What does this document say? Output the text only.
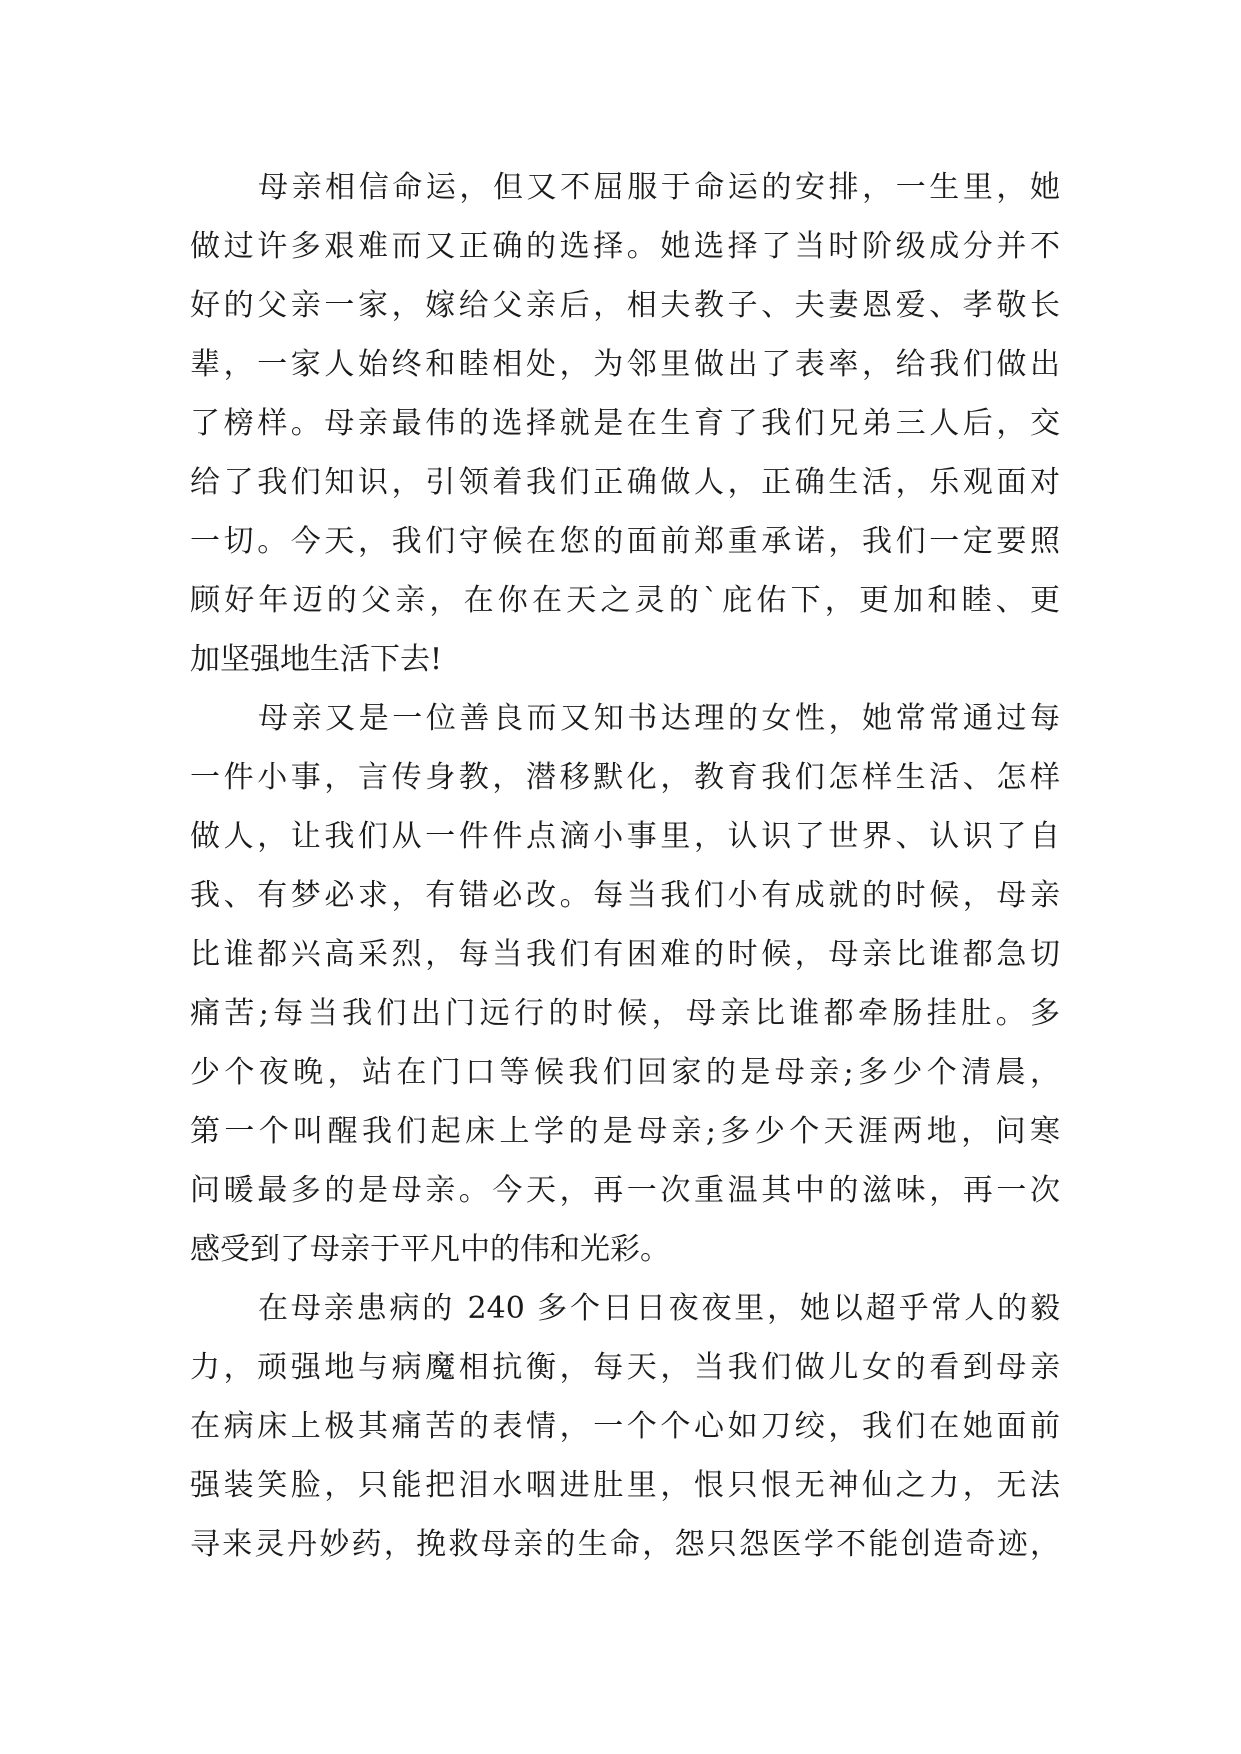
母亲相信命运，但又不屈服于命运的安排，一生里，她
做过许多艰难而又正确的选择。她选择了当时阶级成分并不
好的父亲一家，嫁给父亲后，相夫教子、夫妻恩爱、孝敬长
辈，一家人始终和睦相处，为邻里做出了表率，给我们做出
了榜样。母亲最伟的选择就是在生育了我们兄弟三人后，交
给了我们知识，引领着我们正确做人，正确生活，乐观面对
一切。今天，我们守候在您的面前郑重承诺，我们一定要照
顾好年迈的父亲，在你在天之灵的`庇佑下，更加和睦、更
加坚强地生活下去!
母亲又是一位善良而又知书达理的女性，她常常通过每
一件小事，言传身教，潜移默化，教育我们怎样生活、怎样
做人，让我们从一件件点滴小事里，认识了世界、认识了自
我、有梦必求，有错必改。每当我们小有成就的时候，母亲
比谁都兴高采烈，每当我们有困难的时候，母亲比谁都急切
痛苦;每当我们出门远行的时候，母亲比谁都牵肠挂肚。多
少个夜晚，站在门口等候我们回家的是母亲;多少个清晨，
第一个叫醒我们起床上学的是母亲;多少个天涯两地，问寒
问暖最多的是母亲。今天，再一次重温其中的滋味，再一次
感受到了母亲于平凡中的伟和光彩。
在母亲患病的 240 多个日日夜夜里，她以超乎常人的毅
力，顽强地与病魔相抗衡，每天，当我们做儿女的看到母亲
在病床上极其痛苦的表情，一个个心如刀绞，我们在她面前
强装笑脸，只能把泪水咽进肚里，恨只恨无神仙之力，无法
寻来灵丹妙药，挽救母亲的生命，怨只怨医学不能创造奇迹，
